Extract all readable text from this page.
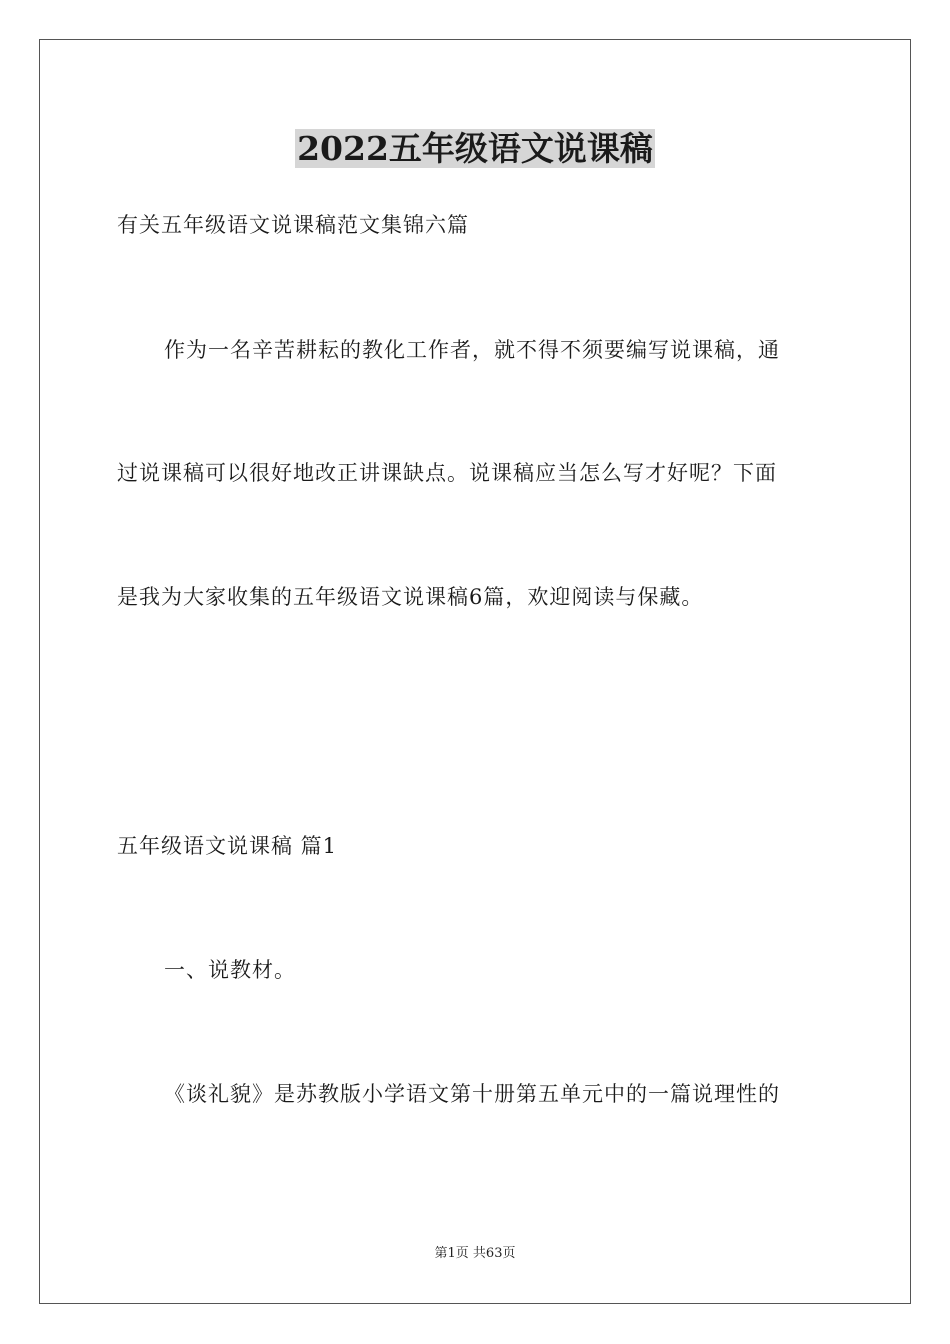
2022五年级语文说课稿
有关五年级语文说课稿范文集锦六篇
作为一名辛苦耕耘的教化工作者，就不得不须要编写说课稿，通
过说课稿可以很好地改正讲课缺点。说课稿应当怎么写才好呢？下面
是我为大家收集的五年级语文说课稿6篇，欢迎阅读与保藏。
五年级语文说课稿 篇1
一、说教材。
《谈礼貌》是苏教版小学语文第十册第五单元中的一篇说理性的
第1页 共63页
